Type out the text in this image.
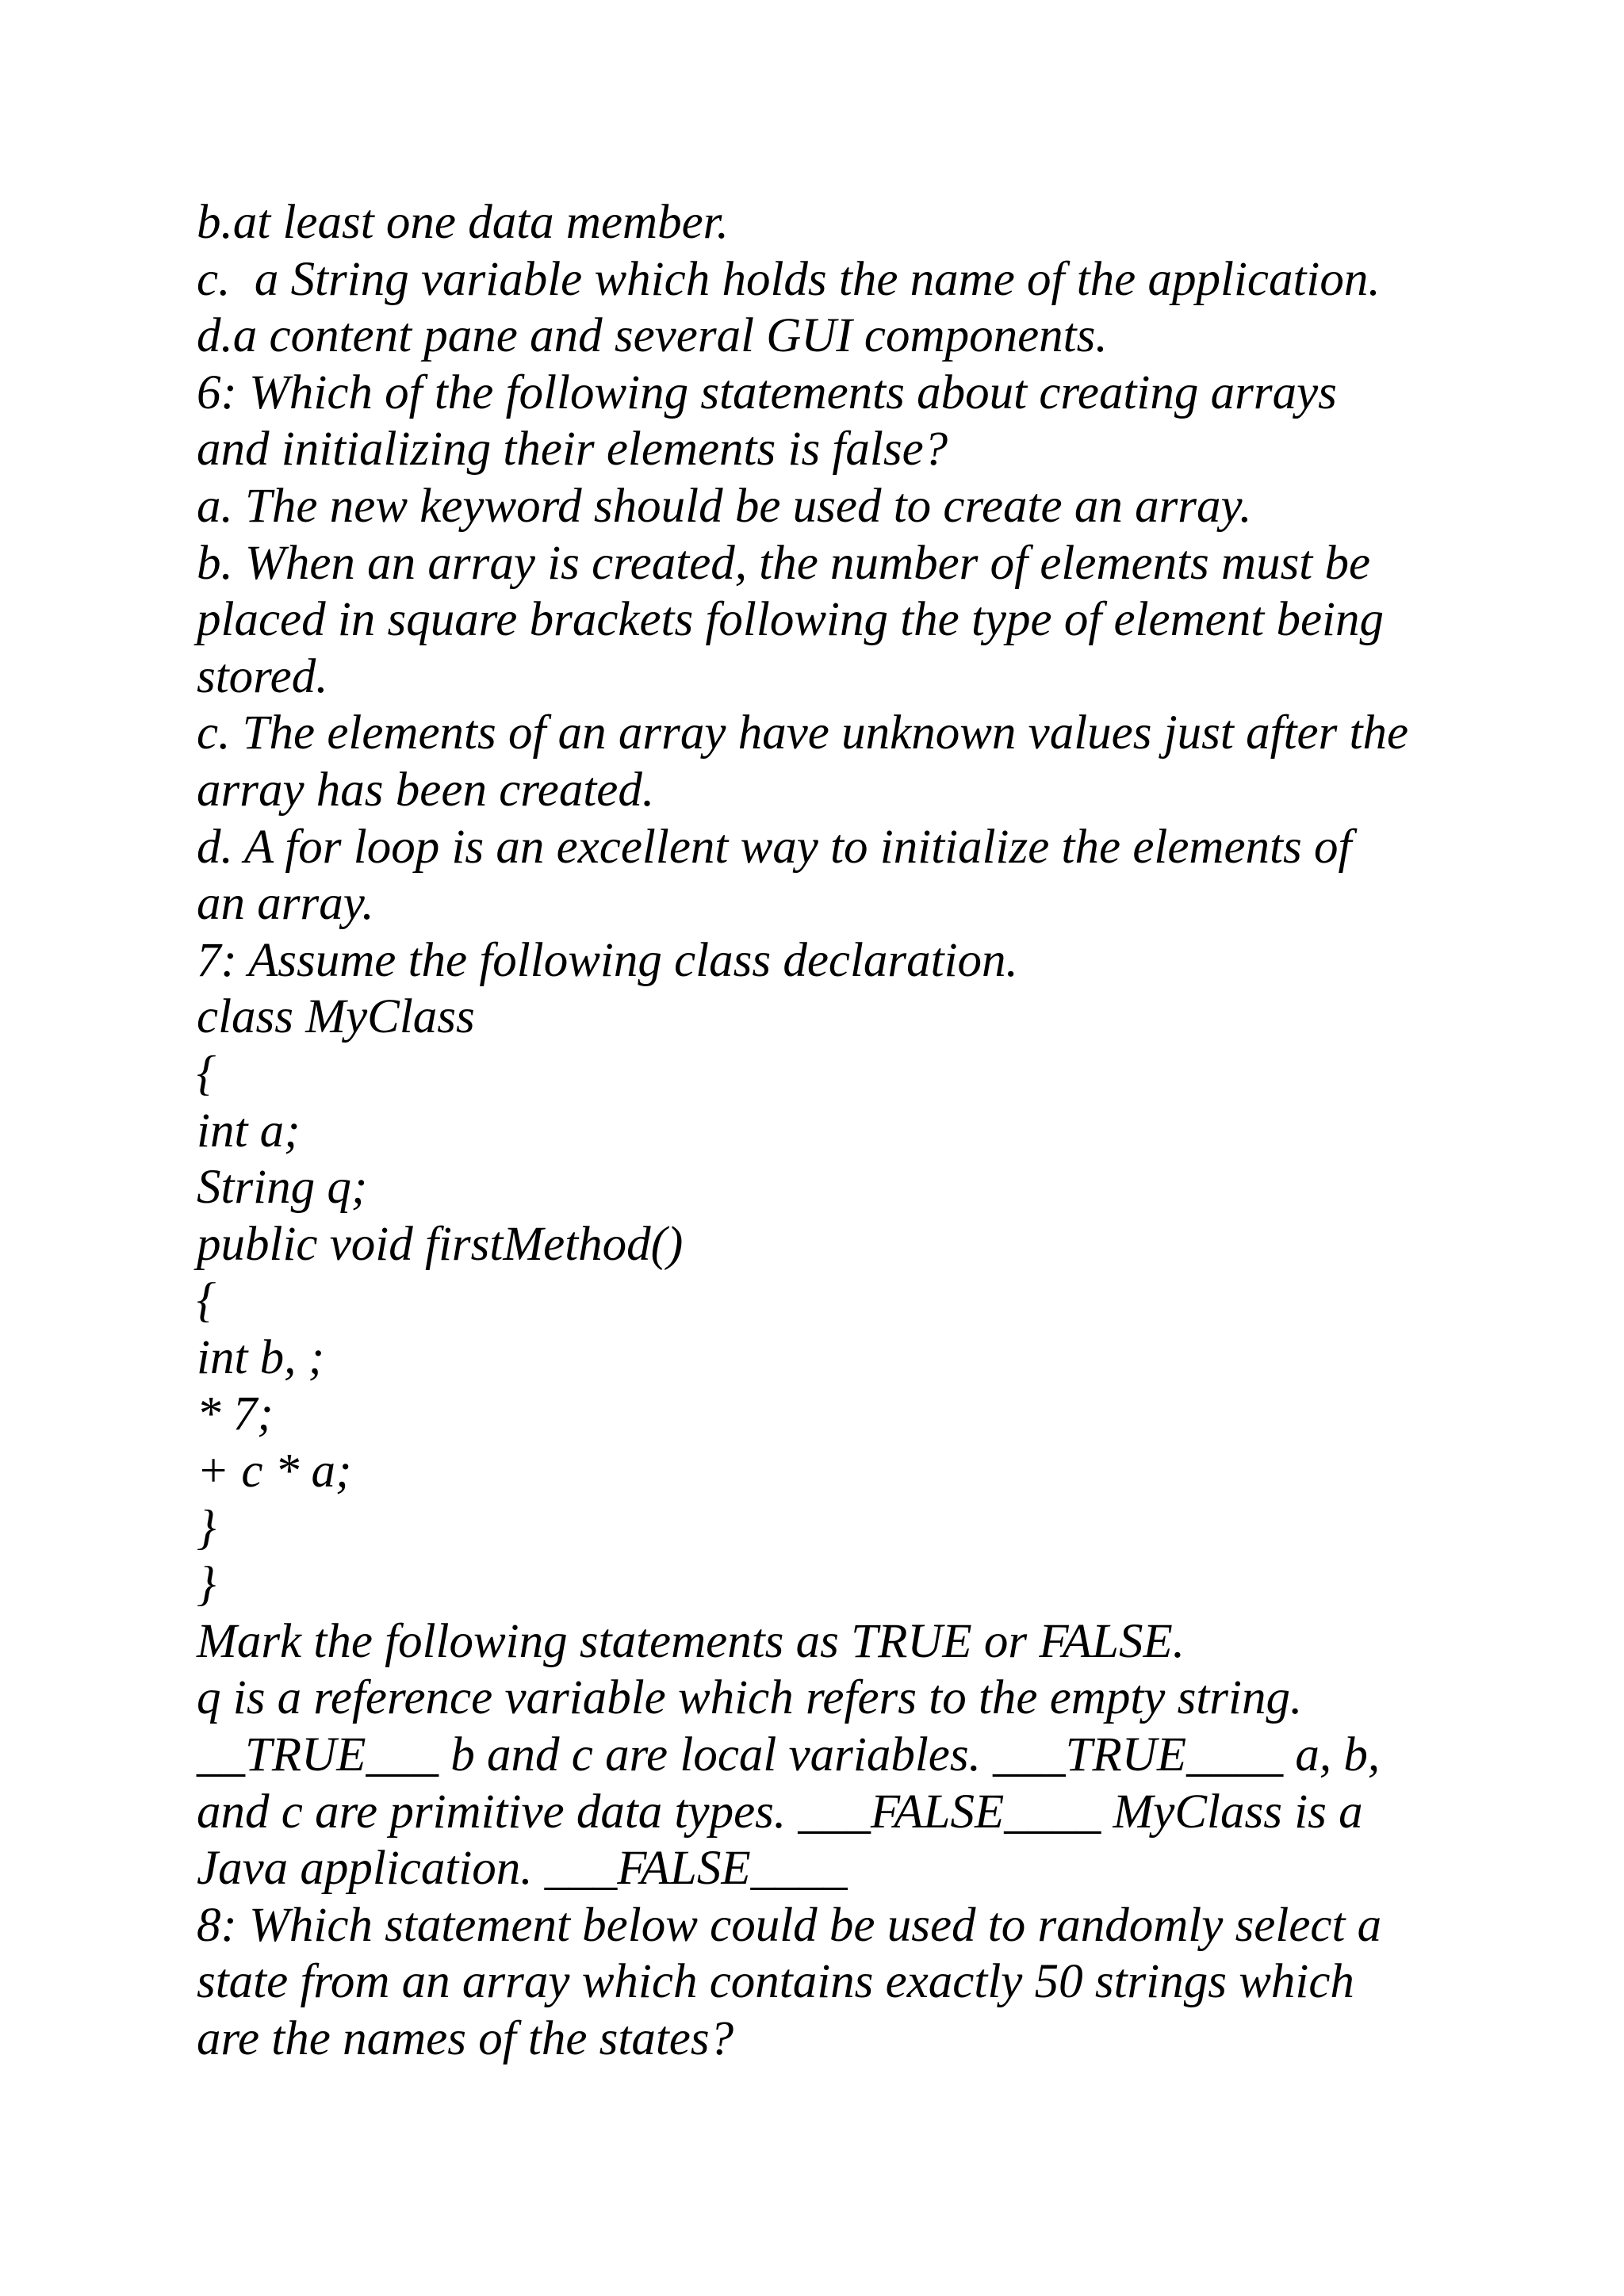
b.at least one data member.
c.  a String variable which holds the name of the application.
d.a content pane and several GUI components.
6: Which of the following statements about creating arrays
and initializing their elements is false?
a. The new keyword should be used to create an array.
b. When an array is created, the number of elements must be
placed in square brackets following the type of element being
stored.
c. The elements of an array have unknown values just after the
array has been created.
d. A for loop is an excellent way to initialize the elements of
an array.
7: Assume the following class declaration.
class MyClass
{
int a;
String q;
public void firstMethod()
{
int b, ;
* 7;
+ c * a;
}
}
Mark the following statements as TRUE or FALSE.
q is a reference variable which refers to the empty string.
__TRUE___ b and c are local variables. ___TRUE____ a, b,
and c are primitive data types. ___FALSE____ MyClass is a
Java application. ___FALSE____
8: Which statement below could be used to randomly select a
state from an array which contains exactly 50 strings which
are the names of the states?
